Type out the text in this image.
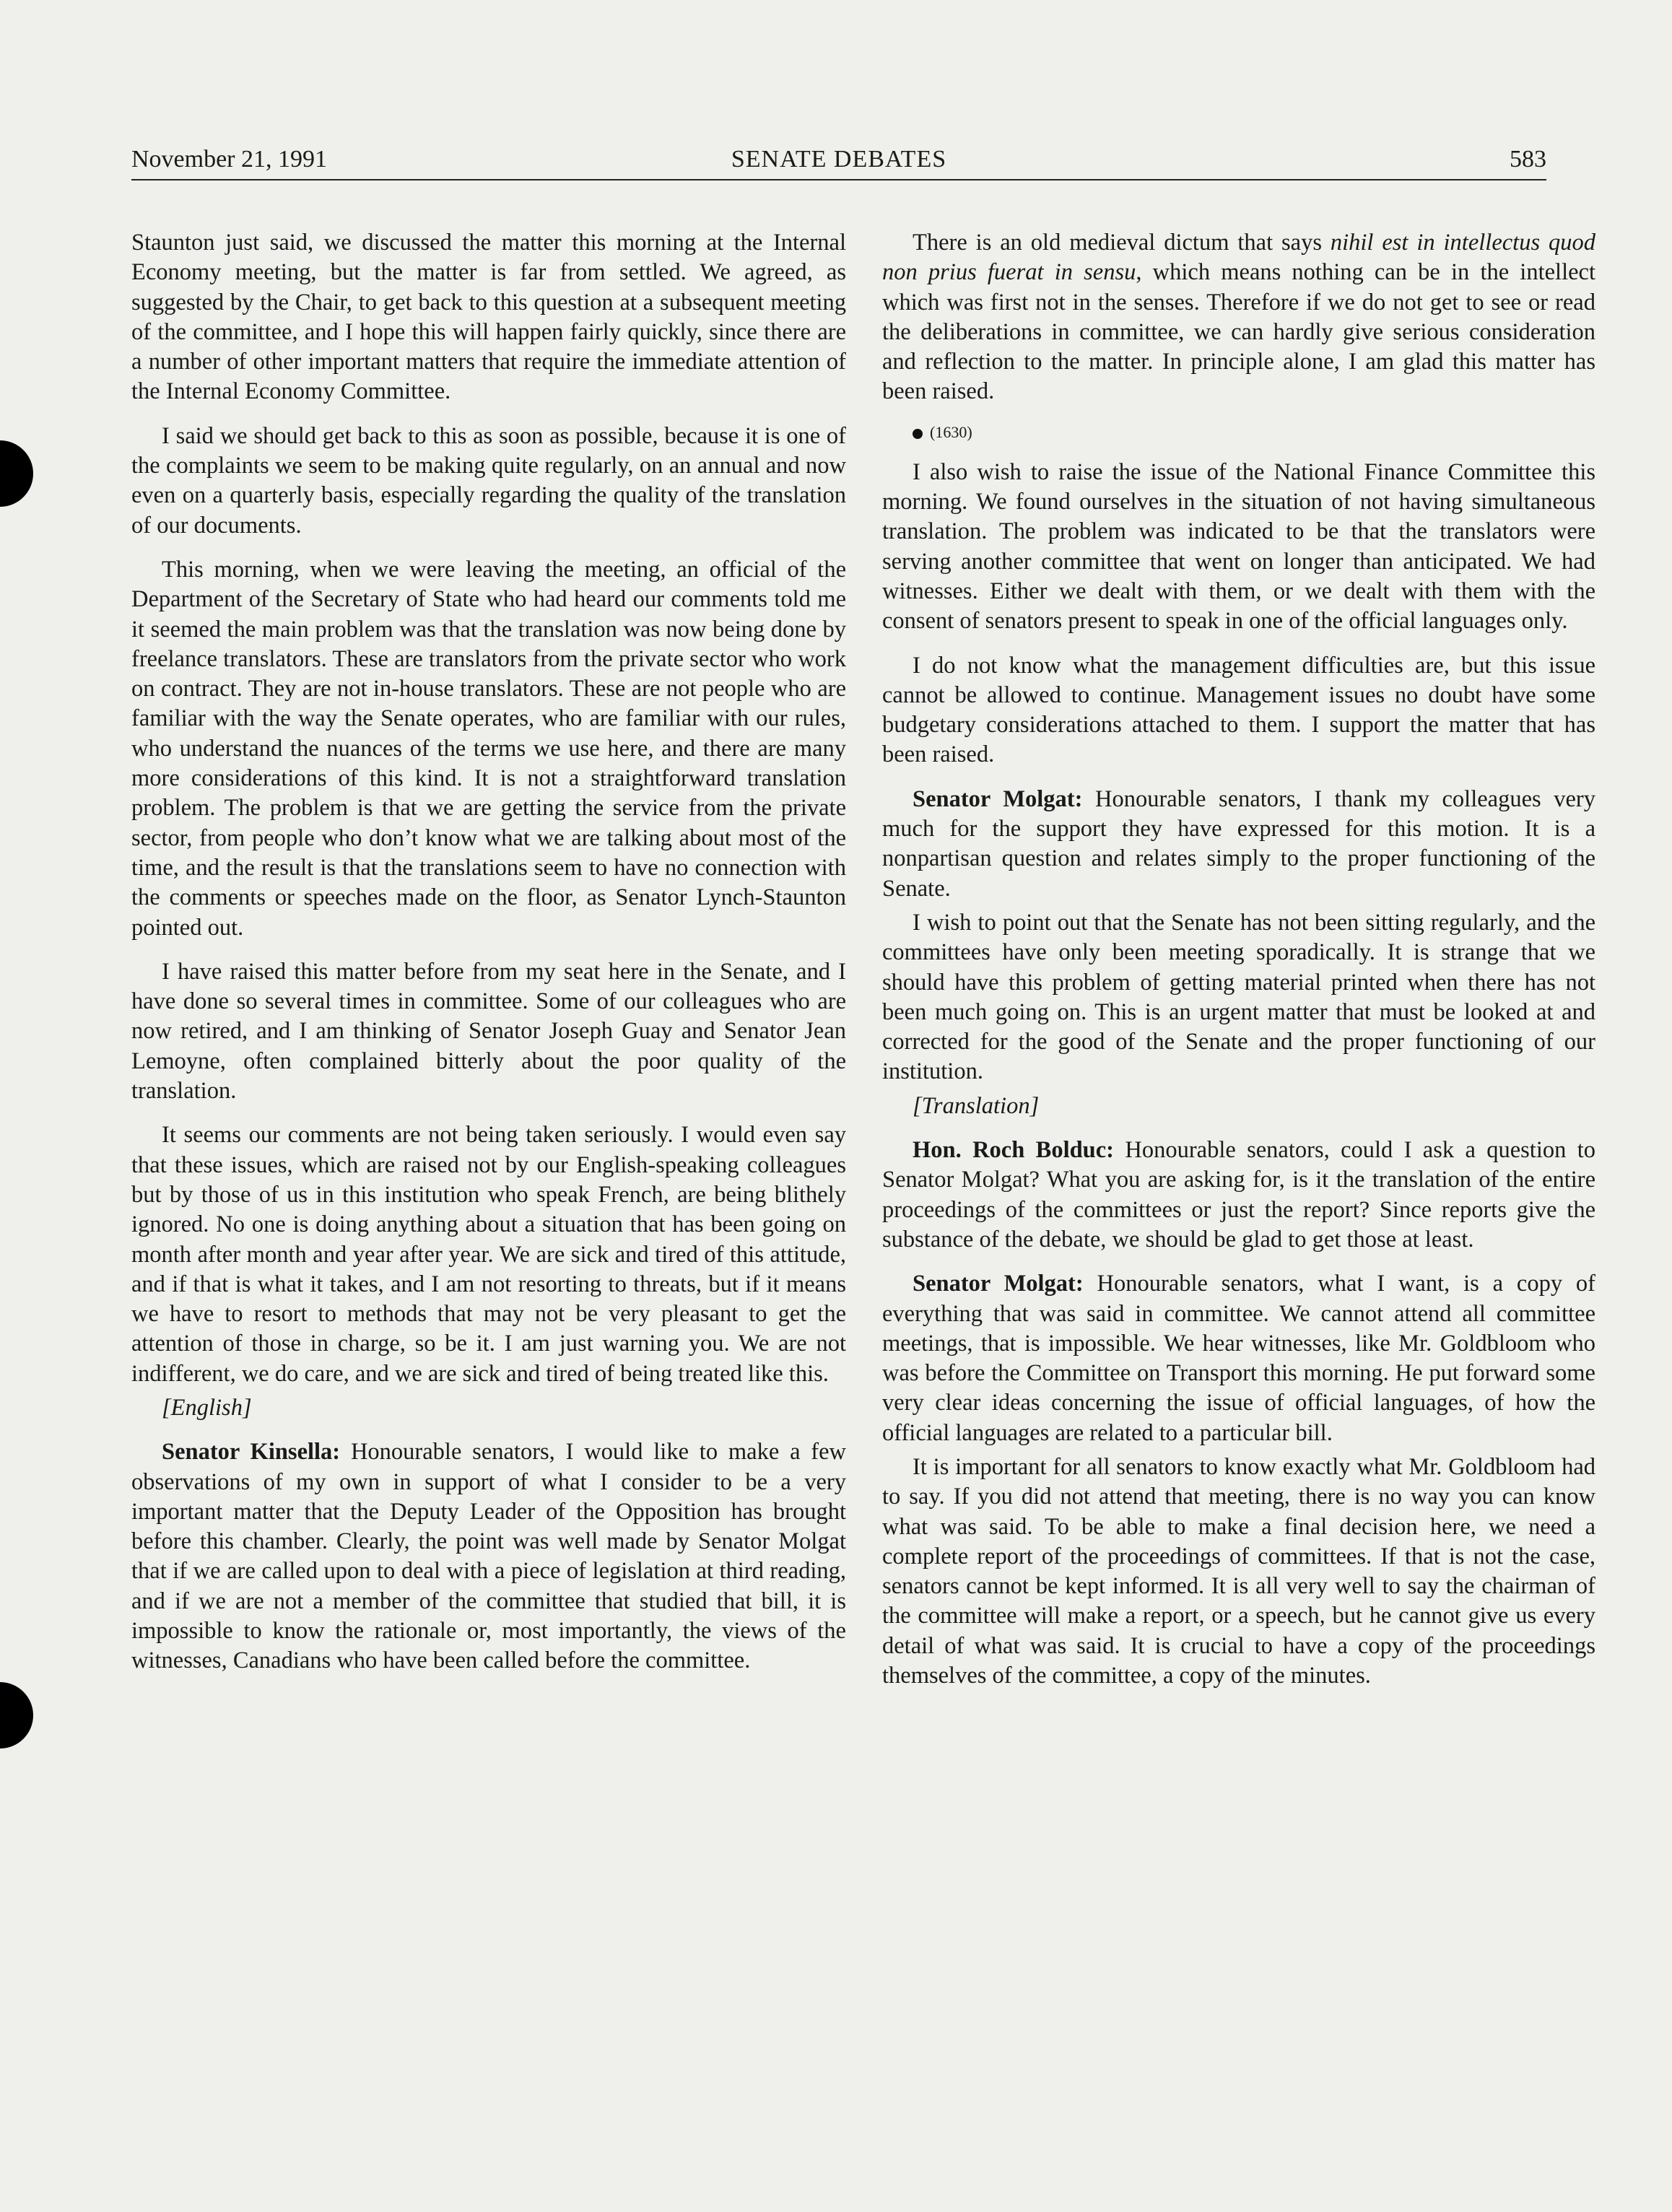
November 21, 1991	SENATE DEBATES	583

Staunton just said, we discussed the matter this morning at the Internal Economy meeting, but the matter is far from settled. We agreed, as suggested by the Chair, to get back to this question at a subsequent meeting of the committee, and I hope this will happen fairly quickly, since there are a number of other important matters that require the immediate attention of the Internal Economy Committee.

I said we should get back to this as soon as possible, because it is one of the complaints we seem to be making quite regularly, on an annual and now even on a quarterly basis, especially regarding the quality of the translation of our documents.

This morning, when we were leaving the meeting, an official of the Department of the Secretary of State who had heard our comments told me it seemed the main problem was that the translation was now being done by freelance translators. These are translators from the private sector who work on contract. They are not in-house translators. These are not people who are familiar with the way the Senate operates, who are familiar with our rules, who understand the nuances of the terms we use here, and there are many more considerations of this kind. It is not a straightforward translation problem. The problem is that we are getting the service from the private sector, from people who don’t know what we are talking about most of the time, and the result is that the translations seem to have no connection with the comments or speeches made on the floor, as Senator Lynch-Staunton pointed out.

I have raised this matter before from my seat here in the Senate, and I have done so several times in committee. Some of our colleagues who are now retired, and I am thinking of Senator Joseph Guay and Senator Jean Lemoyne, often complained bitterly about the poor quality of the translation.

It seems our comments are not being taken seriously. I would even say that these issues, which are raised not by our English-speaking colleagues but by those of us in this institution who speak French, are being blithely ignored. No one is doing anything about a situation that has been going on month after month and year after year. We are sick and tired of this attitude, and if that is what it takes, and I am not resorting to threats, but if it means we have to resort to methods that may not be very pleasant to get the attention of those in charge, so be it. I am just warning you. We are not indifferent, we do care, and we are sick and tired of being treated like this.

[English]

Senator Kinsella: Honourable senators, I would like to make a few observations of my own in support of what I consider to be a very important matter that the Deputy Leader of the Opposition has brought before this chamber. Clearly, the point was well made by Senator Molgat that if we are called upon to deal with a piece of legislation at third reading, and if we are not a member of the committee that studied that bill, it is impossible to know the rationale or, most importantly, the views of the witnesses, Canadians who have been called before the committee.

There is an old medieval dictum that says nihil est in intellectus quod non prius fuerat in sensu, which means nothing can be in the intellect which was first not in the senses. Therefore if we do not get to see or read the deliberations in committee, we can hardly give serious consideration and reflection to the matter. In principle alone, I am glad this matter has been raised.

(1630)

I also wish to raise the issue of the National Finance Committee this morning. We found ourselves in the situation of not having simultaneous translation. The problem was indicated to be that the translators were serving another committee that went on longer than anticipated. We had witnesses. Either we dealt with them, or we dealt with them with the consent of senators present to speak in one of the official languages only.

I do not know what the management difficulties are, but this issue cannot be allowed to continue. Management issues no doubt have some budgetary considerations attached to them. I support the matter that has been raised.

Senator Molgat: Honourable senators, I thank my colleagues very much for the support they have expressed for this motion. It is a nonpartisan question and relates simply to the proper functioning of the Senate.

I wish to point out that the Senate has not been sitting regularly, and the committees have only been meeting sporadically. It is strange that we should have this problem of getting material printed when there has not been much going on. This is an urgent matter that must be looked at and corrected for the good of the Senate and the proper functioning of our institution.

[Translation]

Hon. Roch Bolduc: Honourable senators, could I ask a question to Senator Molgat? What you are asking for, is it the translation of the entire proceedings of the committees or just the report? Since reports give the substance of the debate, we should be glad to get those at least.

Senator Molgat: Honourable senators, what I want, is a copy of everything that was said in committee. We cannot attend all committee meetings, that is impossible. We hear witnesses, like Mr. Goldbloom who was before the Committee on Transport this morning. He put forward some very clear ideas concerning the issue of official languages, of how the official languages are related to a particular bill.

It is important for all senators to know exactly what Mr. Goldbloom had to say. If you did not attend that meeting, there is no way you can know what was said. To be able to make a final decision here, we need a complete report of the proceedings of committees. If that is not the case, senators cannot be kept informed. It is all very well to say the chairman of the committee will make a report, or a speech, but he cannot give us every detail of what was said. It is crucial to have a copy of the proceedings themselves of the committee, a copy of the minutes.
